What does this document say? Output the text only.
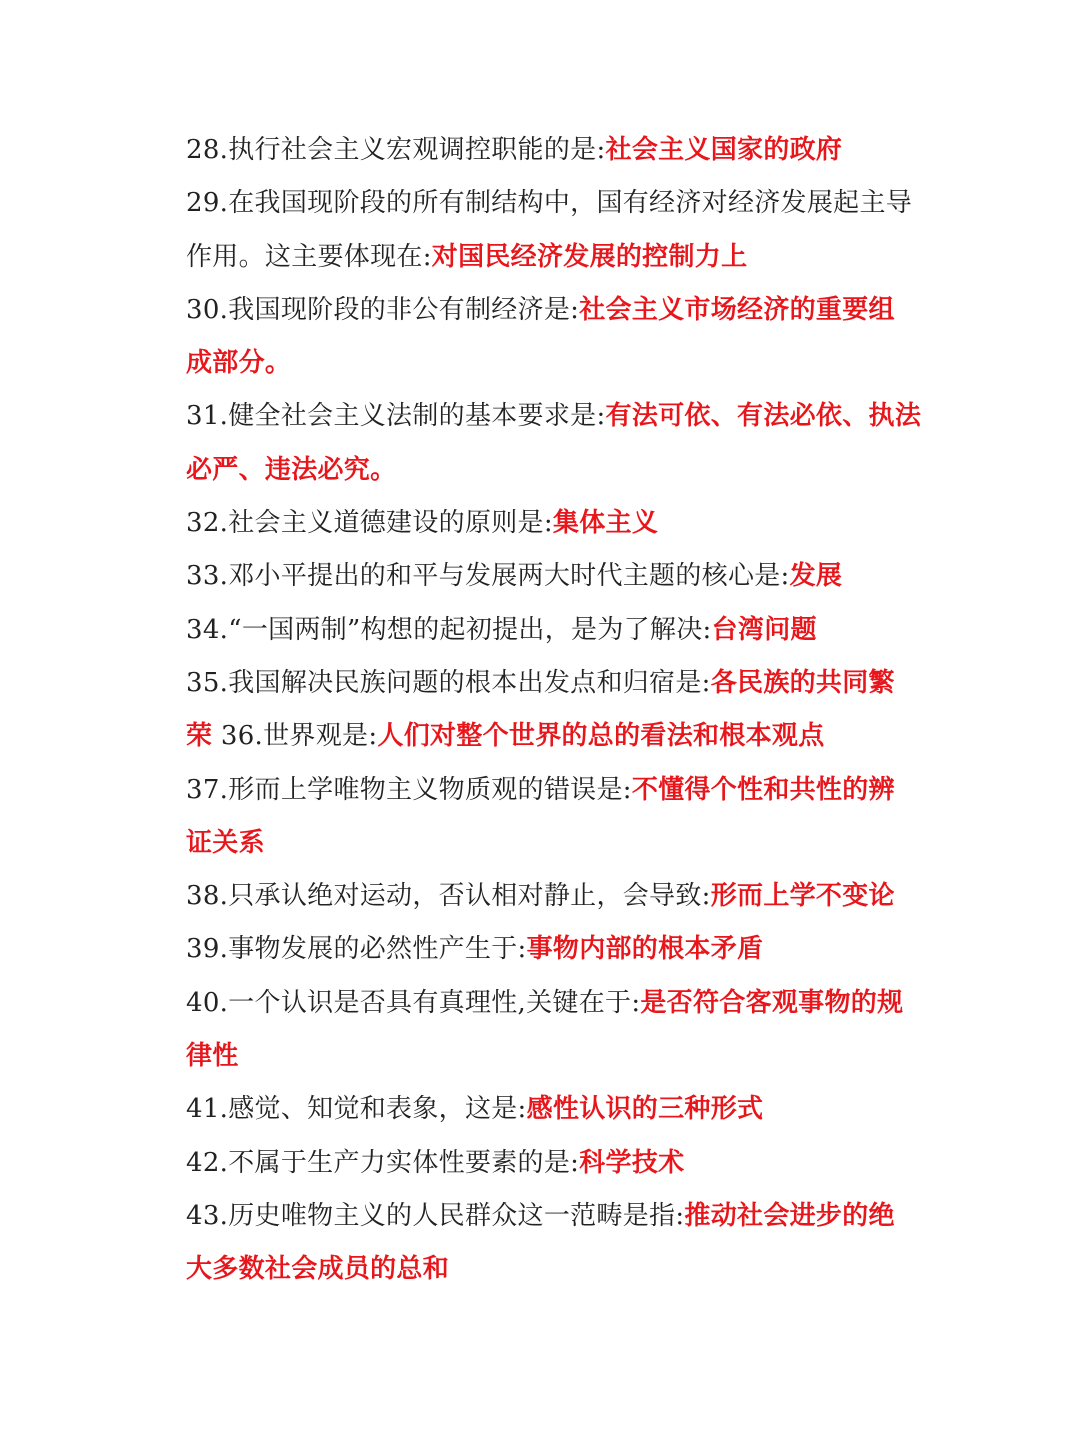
28.执行社会主义宏观调控职能的是:社会主义国家的政府
29.在我国现阶段的所有制结构中，国有经济对经济发展起主导
作用。这主要体现在:对国民经济发展的控制力上
30.我国现阶段的非公有制经济是:社会主义市场经济的重要组
成部分。
31.健全社会主义法制的基本要求是:有法可依、有法必依、执法
必严、违法必究。
32.社会主义道德建设的原则是:集体主义
33.邓小平提出的和平与发展两大时代主题的核心是:发展
34.“一国两制”构想的起初提出，是为了解决:台湾问题
35.我国解决民族问题的根本出发点和归宿是:各民族的共同繁
荣 36.世界观是:人们对整个世界的总的看法和根本观点
37.形而上学唯物主义物质观的错误是:不懂得个性和共性的辨
证关系
38.只承认绝对运动，否认相对静止，会导致:形而上学不变论
39.事物发展的必然性产生于:事物内部的根本矛盾
40.一个认识是否具有真理性,关键在于:是否符合客观事物的规
律性
41.感觉、知觉和表象，这是:感性认识的三种形式
42.不属于生产力实体性要素的是:科学技术
43.历史唯物主义的人民群众这一范畴是指:推动社会进步的绝
大多数社会成员的总和
